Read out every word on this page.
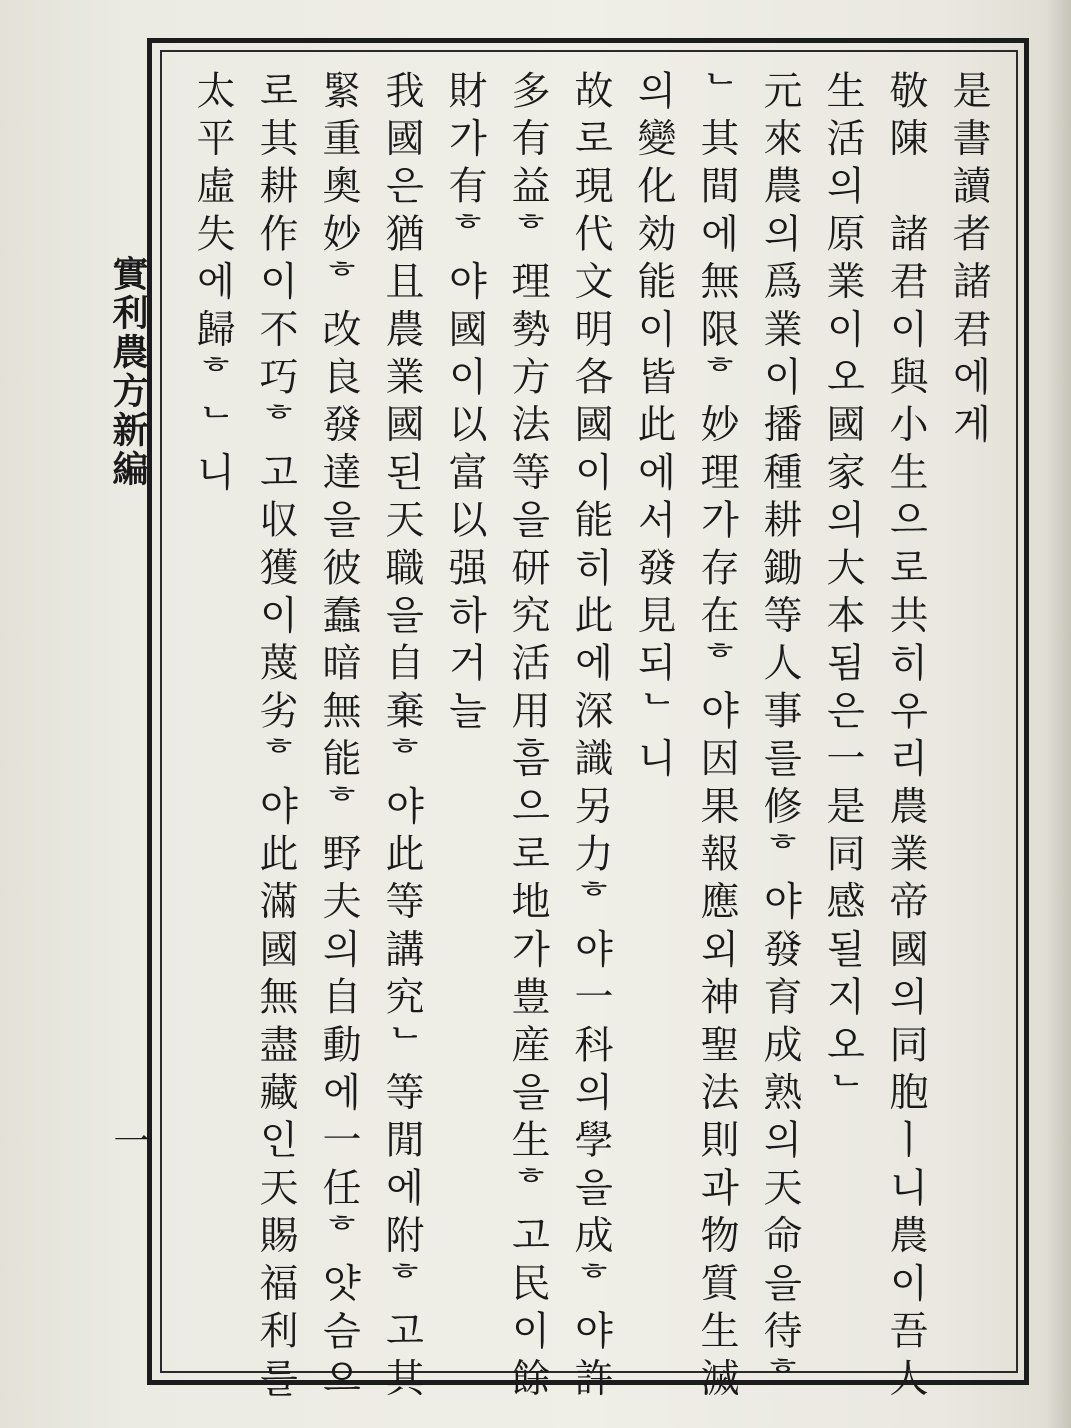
是書讀者諸君에게
敬陳　諸君이與小生으로共히우리農業帝國의同胞ㅣ니農이吾人
生活의原業이오國家의大本됨은一是同感될지오ᄂ
元來農의爲業이播種耕鋤等人事를修ᄒ야發育成熟의天命을待ᄒ
ᄂ其間에無限ᄒ妙理가存在ᄒ야因果報應외神聖法則과物質生滅
의變化効能이皆此에서發見되ᄂ니
故로現代文明各國이能히此에深識另力ᄒ야一科의學을成ᄒ야許
多有益ᄒ理勢方法等을研究活用흠으로地가豊産을生ᄒ고民이餘
財가有ᄒ야國이以富以强하거늘
我國은猶且農業國된天職을自棄ᄒ야此等講究ᄂ等閒에附ᄒ고其
緊重奧妙ᄒ改良發達을彼蠢暗無能ᄒ野夫의自動에一任ᄒ얏슴으
로其耕作이不巧ᄒ고収獲이蔑劣ᄒ야此滿國無盡藏인天賜福利를
太平虛失에歸ᄒᄂ니
實利農方新編
一
